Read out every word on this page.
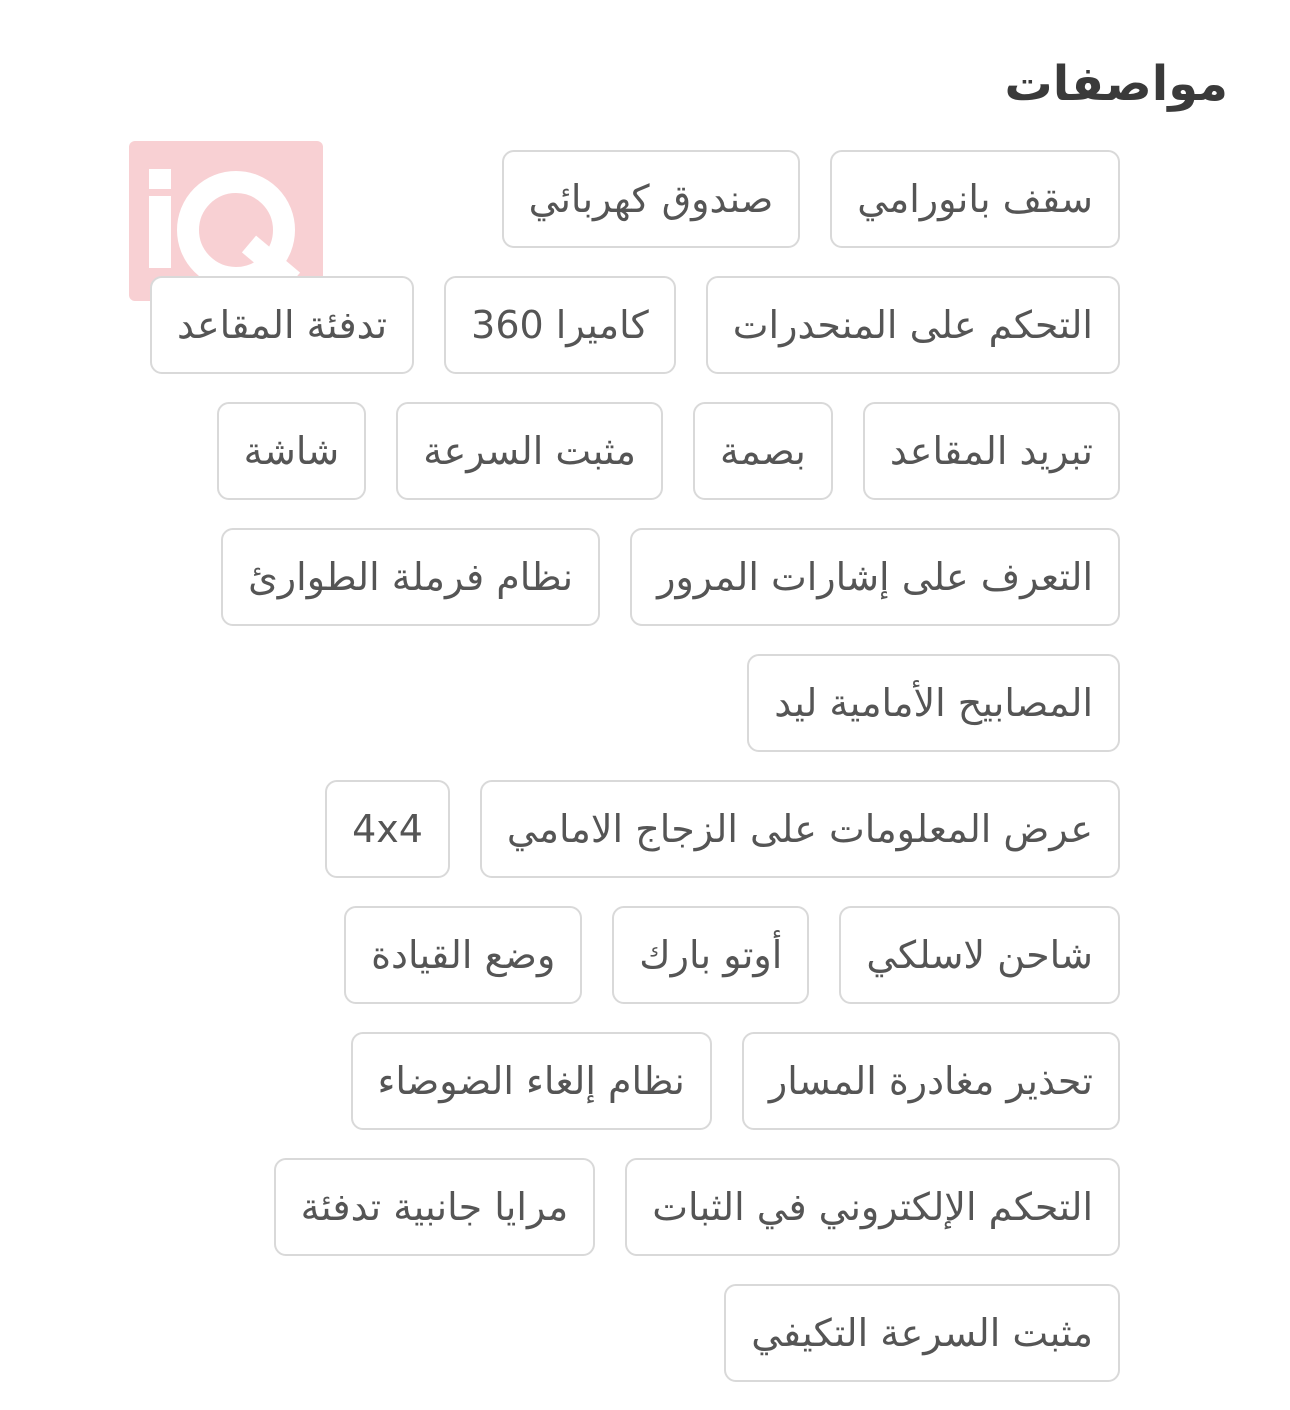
مواصفات
سقف بانورامي
صندوق كهربائي
التحكم على المنحدرات
كاميرا 360
تدفئة المقاعد
تبريد المقاعد
بصمة
مثبت السرعة
شاشة
التعرف على إشارات المرور
نظام فرملة الطوارئ
المصابيح الأمامية ليد
عرض المعلومات على الزجاج الامامي
4x4
شاحن لاسلكي
أوتو بارك
وضع القيادة
تحذير مغادرة المسار
نظام إلغاء الضوضاء
التحكم الإلكتروني في الثبات
مرايا جانبية تدفئة
مثبت السرعة التكيفي
